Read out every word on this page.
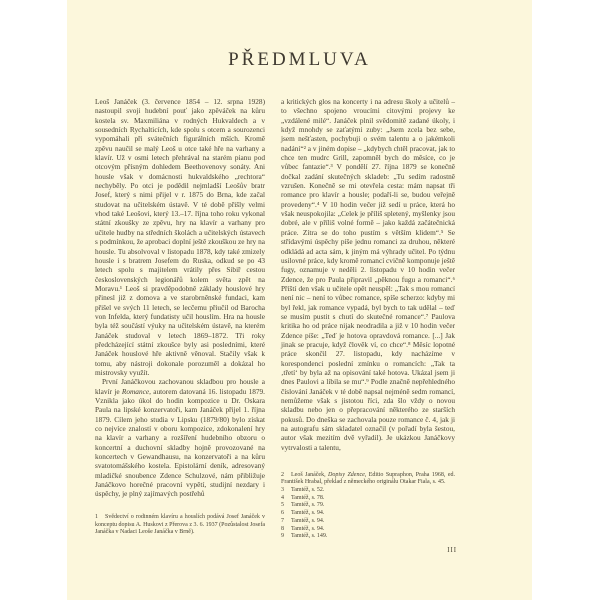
PŘEDMLUVA

Leoš Janáček (3. července 1854 – 12. srpna 1928) nastoupil svoji hudební pouť jako zpěváček na kůru kostela sv. Maxmiliána v rodných Hukvaldech a v sousedních Rychalticích, kde spolu s otcem a sourozenci vypomáhali při svátečních figurálních mších. Kromě zpěvu naučil se malý Leoš u otce také hře na varhany a klavír. Už v osmi letech přehrával na starém pianu pod otcovým přísným dohledem Beethovenovy sonáty. Ani housle však v domácnosti hukvaldského „rechtora“ nechyběly. Po otci je podědil nejmladší Leošův bratr Josef, který s nimi přijel v r. 1875 do Brna, kde začal studovat na učitelském ústavě. V té době přišly velmi vhod také Leošovi, který 13.–17. října toho roku vykonal státní zkoušky ze zpěvu, hry na klavír a varhany pro učitele hudby na středních školách a učitelských ústavech s podmínkou, že aprobaci doplní ještě zkouškou ze hry na housle. Tu absolvoval v listopadu 1878, kdy také zmizely housle i s bratrem Josefem do Ruska, odkud se po 43 letech spolu s majitelem vrátily přes Sibiř cestou československých legionářů kolem světa zpět na Moravu.¹ Leoš si pravděpodobně základy houslové hry přinesl již z domova a ve starobrněnské fundaci, kam přišel ve svých 11 letech, se lecčemu přiučil od Barocha von Infelda, který fundatisty učil houslím. Hra na housle byla též součástí výuky na učitelském ústavě, na kterém Janáček studoval v letech 1869–1872. Tři roky předcházející státní zkoušce byly asi posledními, které Janáček houslové hře aktivně věnoval. Stačily však k tomu, aby nástroji dokonale porozuměl a dokázal ho mistrovsky využít.

První Janáčkovou zachovanou skladbou pro housle a klavír je Romance, autorem datovaná 16. listopadu 1879. Vznikla jako úkol do hodin kompozice u Dr. Oskara Paula na lipské konzervatoři, kam Janáček přijel 1. října 1879. Cílem jeho studia v Lipsku (1879/80) bylo získat co nejvíce znalostí v oboru kompozice, zdokonalení hry na klavír a varhany a rozšíření hudebního obzoru o koncertní a duchovní skladby hojně provozované na koncertech v Gewandhausu, na konzervatoři a na kůru svatotomášského kostela. Epistolární deník, adresovaný mladičké snoubence Zdence Schulzové, nám přibližuje Janáčkovo horečné pracovní vypětí, studijní nezdary i úspěchy, je plný zajímavých postřehů

1 Svědectví o rodinném klavíru a houslích podává Josef Janáček v konceptu dopisu A. Huskovi z Přerova z 3. 6. 1937 (Pozůstalost Josefa Janáčka v Nadaci Leoše Janáčka v Brně).

a kritických glos na koncerty i na adresu školy a učitelů – to všechno spojeno vroucími citovými projevy ke „vzdálené milé“. Janáček plnil svědomitě zadané úkoly, i když mnohdy se zaťatými zuby: „Jsem zcela bez sebe, jsem nešťasten, pochybuji o svém talentu a o jakémkoli nadání“² a v jiném dopise – „kdybych chtěl pracovat, jak to chce ten mudrc Grill, zapomněl bych do měsíce, co je vůbec fantazie“.³ V pondělí 27. října 1879 se konečně dočkal zadání skutečných skladeb: „Tu sedím radostně vzrušen. Konečně se mi otevřela cesta: mám napsat tři romance pro klavír a housle; podaří-li se, budou veřejně provedeny“.⁴ V 10 hodin večer již sedí u práce, která ho však neuspokojila: „Celek je příliš spletený, myšlenky jsou dobré, ale v příliš volné formě – jako každá začátečnická práce. Zítra se do toho pustím s větším klidem“.⁵ Se střídavými úspěchy píše jednu romanci za druhou, některé odkládá ad acta sám, k jiným má výhrady učitel. Po týdnu usilovné práce, kdy kromě romancí cvičně komponuje ještě fugy, oznamuje v neděli 2. listopadu v 10 hodin večer Zdence, že pro Paula připravil „pěknou fugu a romanci“.⁶ Příští den však u učitele opět neuspěl: „Tak s mou romancí není nic – není to vůbec romance, spíše scherzo: kdyby mi byl řekl, jak romance vypadá, byl bych to tak udělal – teď se musím pustit s chutí do skutečné romance“.⁷ Paulova kritika ho od práce nijak neodradila a již v 10 hodin večer Zdence píše: „Teď je hotova opravdová romance. [...] Jak jinak se pracuje, když člověk ví, co chce“.⁸ Měsíc lopotné práce skončil 27. listopadu, kdy nacházíme v korespondenci poslední zmínku o romancích: „Tak ta ‚třetí‘ by byla až na opisování také hotova. Ukázal jsem ji dnes Paulovi a líbila se mu“.⁹ Podle značně nepřehledného číslování Janáček v té době napsal nejméně sedm romancí, nemůžeme však s jistotou říci, zda šlo vždy o novou skladbu nebo jen o přepracování některého ze starších pokusů. Do dneška se zachovala pouze romance č. 4, jak ji na autografu sám skladatel označil (v pořadí byla šestou, autor však mezitím dvě vyřadil). Je ukázkou Janáčkovy vytrvalosti a talentu,

2 Leoš Janáček, Dopisy Zdence, Editio Supraphon, Praha 1968, ed. František Hrabal, překlad z německého originálu Otakar Fiala, s. 45.

3 Tamtéž, s. 52.

4 Tamtéž, s. 78.

5 Tamtéž, s. 79.

6 Tamtéž, s. 94.

7 Tamtéž, s. 94.

8 Tamtéž, s. 94.

9 Tamtéž, s. 149.

III
